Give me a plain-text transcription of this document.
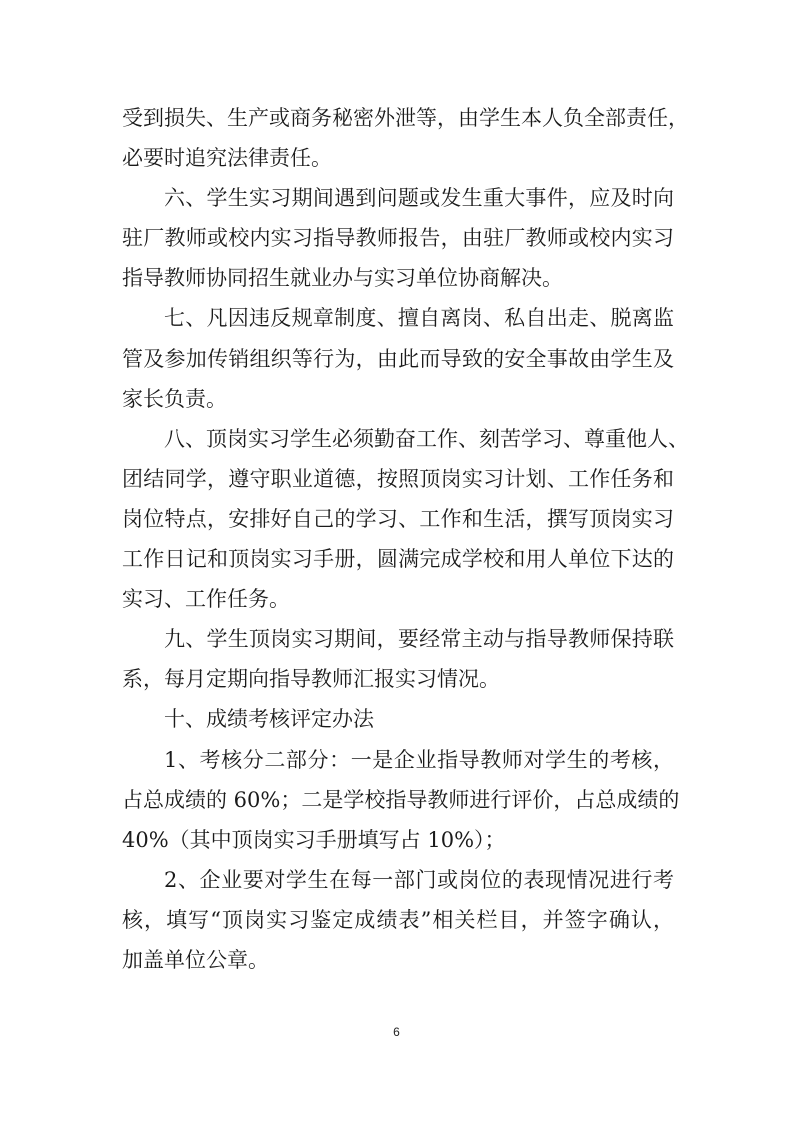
受到损失、生产或商务秘密外泄等，由学生本人负全部责任，
必要时追究法律责任。
六、学生实习期间遇到问题或发生重大事件，应及时向
驻厂教师或校内实习指导教师报告，由驻厂教师或校内实习
指导教师协同招生就业办与实习单位协商解决。
七、凡因违反规章制度、擅自离岗、私自出走、脱离监
管及参加传销组织等行为，由此而导致的安全事故由学生及
家长负责。
八、顶岗实习学生必须勤奋工作、刻苦学习、尊重他人、
团结同学，遵守职业道德，按照顶岗实习计划、工作任务和
岗位特点，安排好自己的学习、工作和生活，撰写顶岗实习
工作日记和顶岗实习手册，圆满完成学校和用人单位下达的
实习、工作任务。
九、学生顶岗实习期间，要经常主动与指导教师保持联
系，每月定期向指导教师汇报实习情况。
十、成绩考核评定办法
1、考核分二部分：一是企业指导教师对学生的考核，
占总成绩的 60%；二是学校指导教师进行评价，占总成绩的
40%（其中顶岗实习手册填写占 10%）；
2、企业要对学生在每一部门或岗位的表现情况进行考
核，填写“顶岗实习鉴定成绩表”相关栏目，并签字确认，
加盖单位公章。
6
